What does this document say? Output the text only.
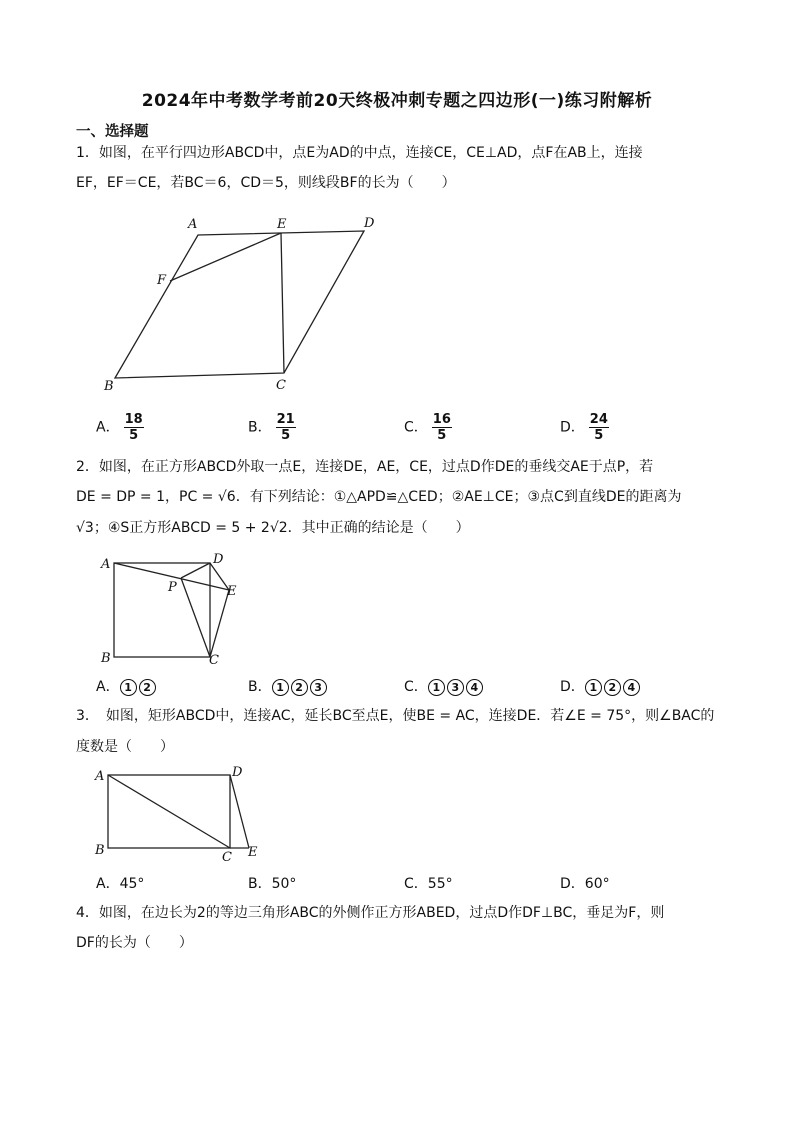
2024年中考数学考前20天终极冲刺专题之四边形(一)练习附解析
一、选择题
1．如图，在平行四边形ABCD中，点E为AD的中点，连接CE，CE⊥AD，点F在AB上，连接
EF，EF＝CE，若BC＝6，CD＝5，则线段BF的长为（　　）
A	E	D
F
B	C
A． $\frac{18}{5}$	B． $\frac{21}{5}$	C． $\frac{16}{5}$	D． $\frac{24}{5}$
2．如图，在正方形ABCD外取一点E，连接DE，AE，CE，过点D作DE的垂线交AE于点P，若
DE = DP = 1，PC = √6．有下列结论：①△APD≌△CED；②AE⊥CE；③点C到直线DE的距离为
√3；④S正方形ABCD = 5 + 2√2．其中正确的结论是（　　）
A	D
P	E
B	C
A． 1 2	B． 1 2 3	C． 1 3 4	D． 1 2 4
3．　如图，矩形ABCD中，连接AC，延长BC至点E，使BE = AC，连接DE．若∠E = 75°，则∠BAC的
度数是（　　）
A	D
B	C E
A．45°	B．50°	C．55°	D．60°
4．如图，在边长为2的等边三角形ABC的外侧作正方形ABED，过点D作DF⊥BC，垂足为F，则
DF的长为（　　）
